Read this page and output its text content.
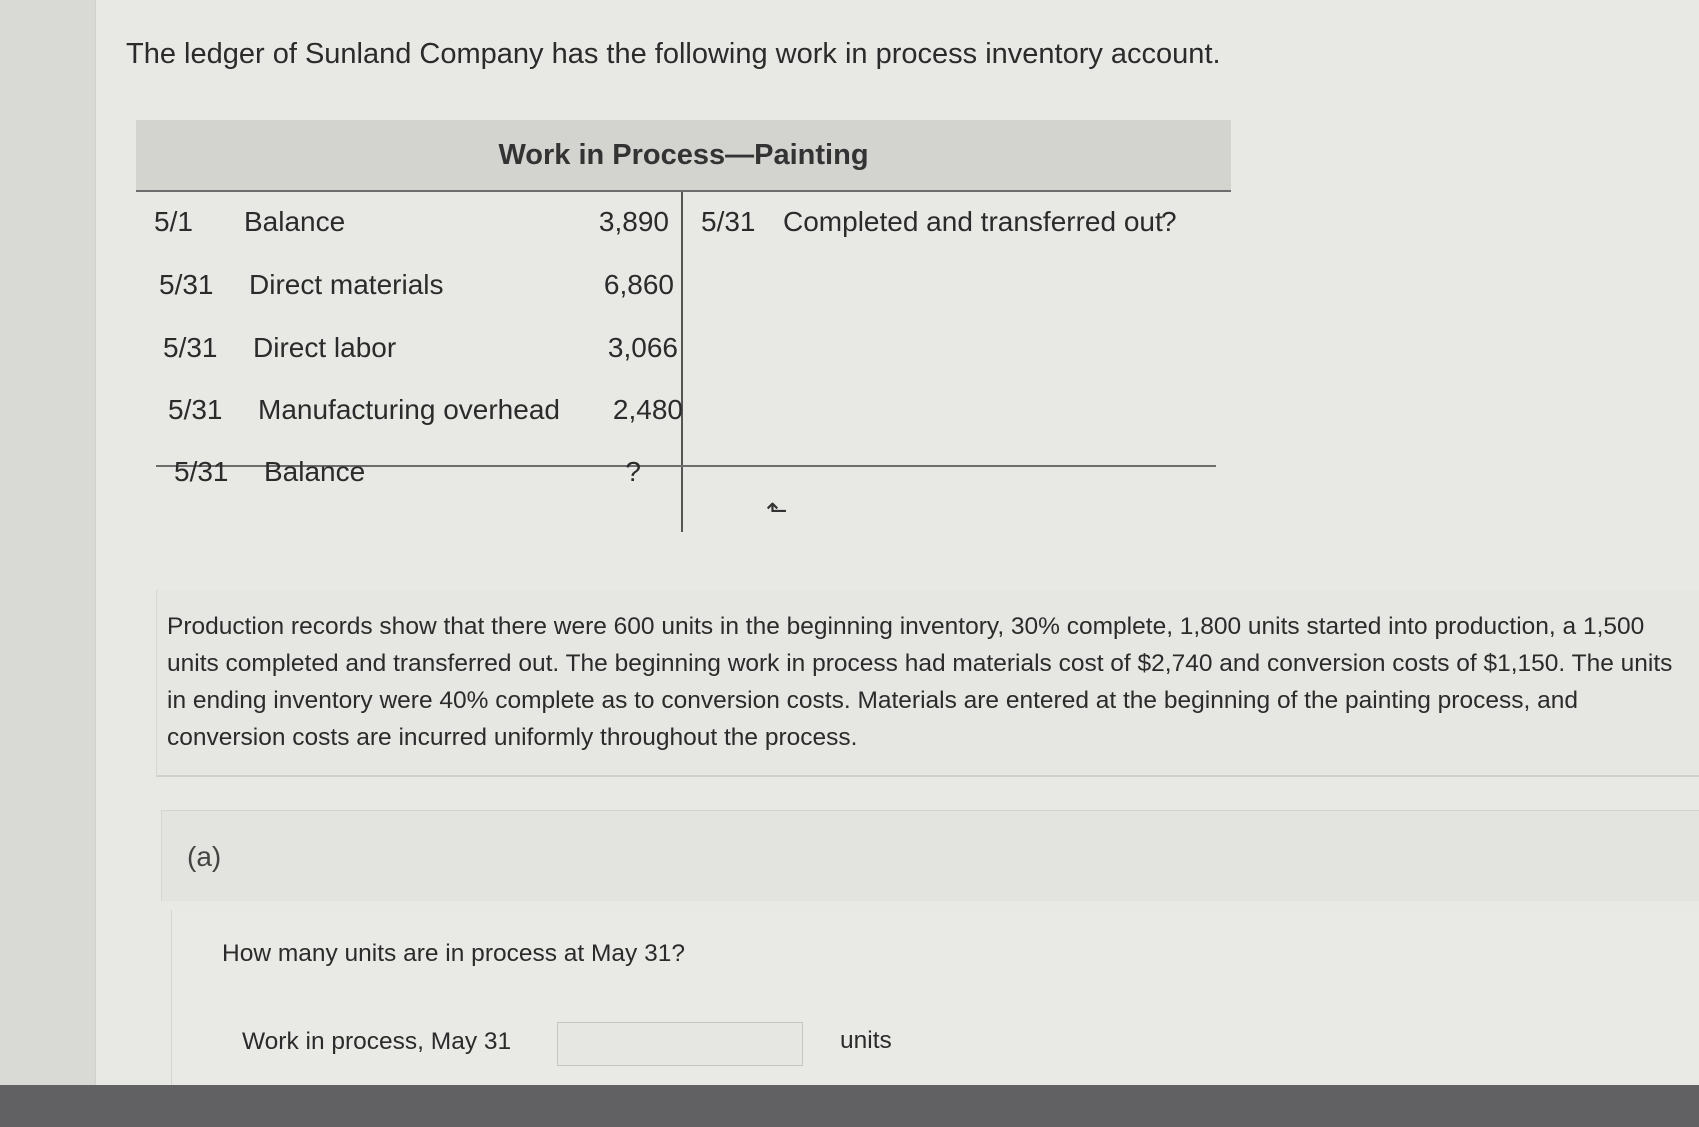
The ledger of Sunland Company has the following work in process inventory account.
Work in Process—Painting
5/1 Balance	3,890
5/31 Direct materials	6,860
5/31 Direct labor	3,066
5/31 Manufacturing overhead 2,480
5/31 Balance	?
5/31 Completed and transferred out
?
⬑
Production records show that there were 600 units in the beginning inventory, 30% complete, 1,800 units started into production, a 1,500 units completed and transferred out. The beginning work in process had materials cost of $2,740 and conversion costs of $1,150. The units in ending inventory were 40% complete as to conversion costs. Materials are entered at the beginning of the painting process, and conversion costs are incurred uniformly throughout the process.
(a)
How many units are in process at May 31?
Work in process, May 31	units
